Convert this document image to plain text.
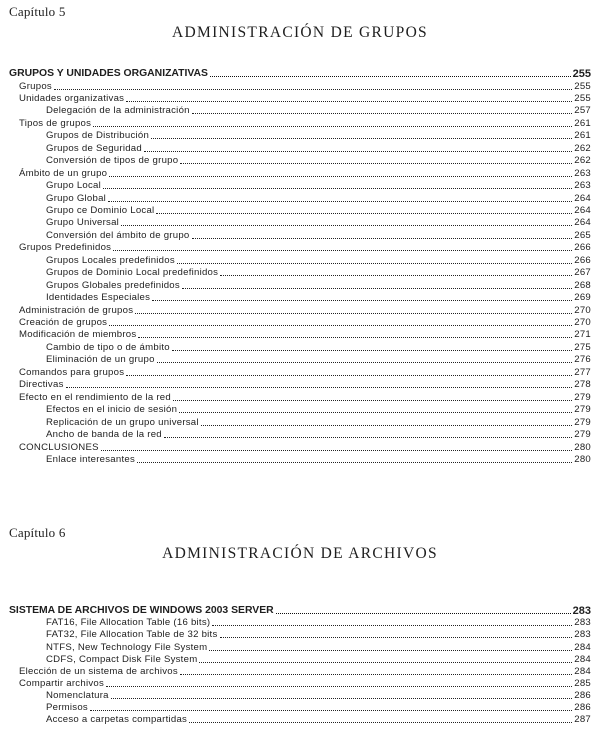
Capítulo 5
ADMINISTRACIÓN DE GRUPOS
Capítulo 6
ADMINISTRACIÓN DE ARCHIVOS
GRUPOS Y UNIDADES ORGANIZATIVAS	255
Grupos	255
Unidades organizativas	255
Delegación de la administración	257
Tipos de grupos	261
Grupos de Distribución	261
Grupos de Seguridad	262
Conversión de tipos de grupo	262
Ámbito de un grupo	263
Grupo Local	263
Grupo Global	264
Grupo ce Dominio Local	264
Grupo Universal	264
Conversión del ámbito de grupo	265
Grupos Predefinidos	266
Grupos Locales predefinidos	266
Grupos de Dominio Local predefinidos	267
Grupos Globales predefinidos	268
Identidades Especiales	269
Administración de grupos	270
Creación de grupos	270
Modificación de miembros	271
Cambio de tipo o de ámbito	275
Eliminación de un grupo	276
Comandos para grupos	277
Directivas	278
Efecto en el rendimiento de la red	279
Efectos en el inicio de sesión	279
Replicación de un grupo universal	279
Ancho de banda de la red	279
CONCLUSIONES	280
Enlace interesantes	280
SISTEMA DE ARCHIVOS DE WINDOWS 2003 SERVER	283
FAT16, File Allocation Table (16 bits)	283
FAT32, File Allocation Table de 32 bits	283
NTFS, New Technology File System	284
CDFS, Compact Disk File System	284
Elección de un sistema de archivos	284
Compartir archivos	285
Nomenclatura	286
Permisos	286
Acceso a carpetas compartidas	287
